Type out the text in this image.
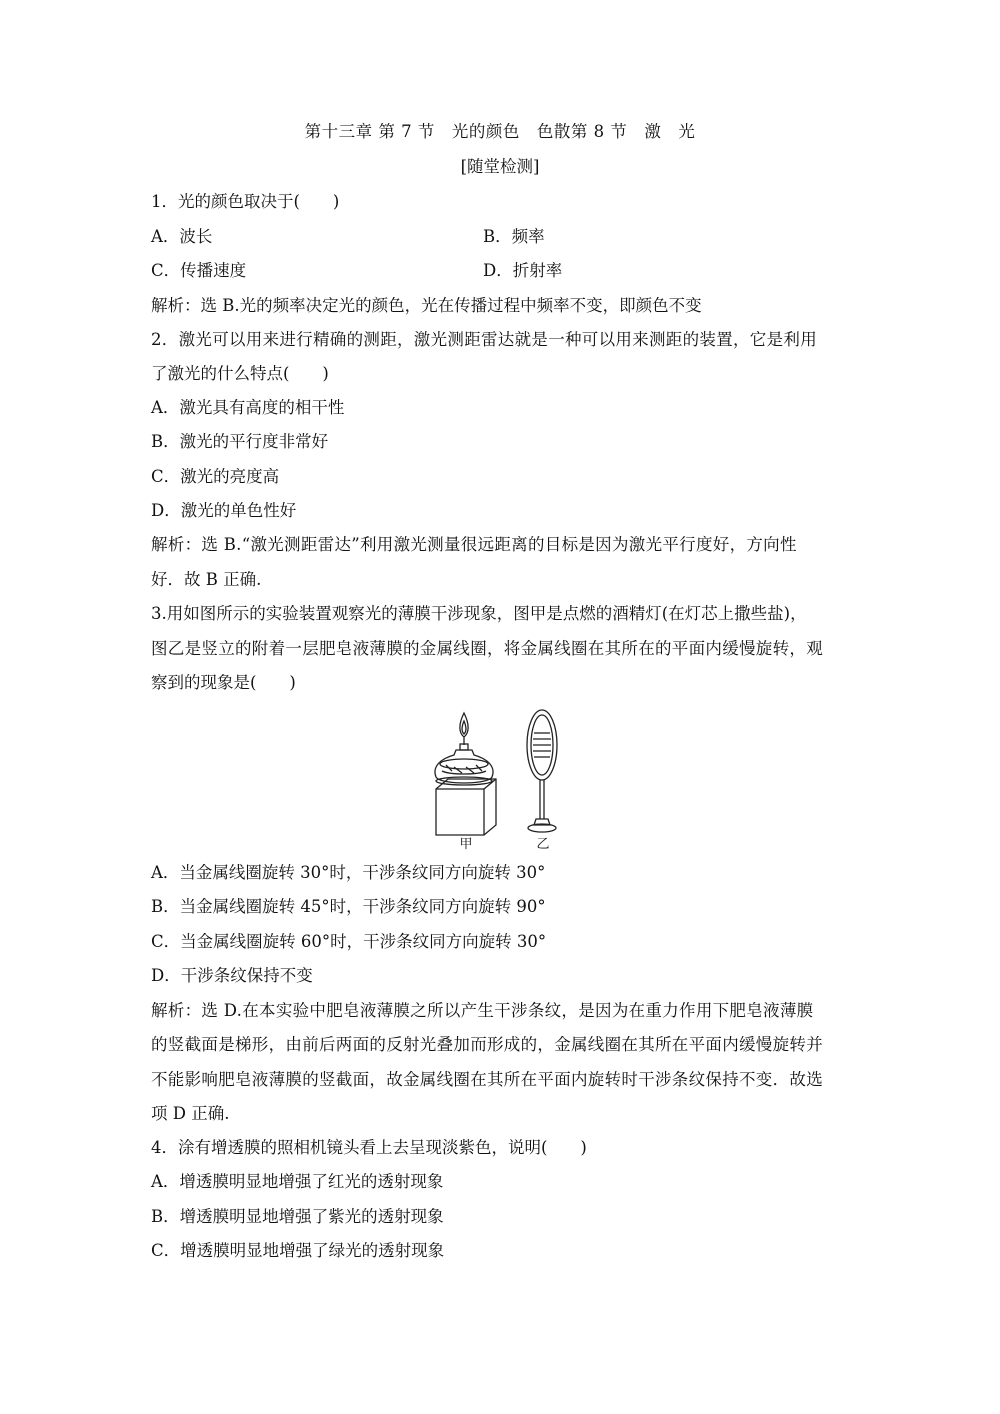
第十三章 第 7 节　光的颜色　色散第 8 节　激　光
[随堂检测]
1．光的颜色取决于(　　)
A．波长	B．频率
C．传播速度	D．折射率
解析：选 B.光的频率决定光的颜色，光在传播过程中频率不变，即颜色不变
2．激光可以用来进行精确的测距，激光测距雷达就是一种可以用来测距的装置，它是利用
了激光的什么特点(　　)
A．激光具有高度的相干性
B．激光的平行度非常好
C．激光的亮度高
D．激光的单色性好
解析：选 B.“激光测距雷达”利用激光测量很远距离的目标是因为激光平行度好，方向性
好．故 B 正确.
3.用如图所示的实验装置观察光的薄膜干涉现象，图甲是点燃的酒精灯(在灯芯上撒些盐)，
图乙是竖立的附着一层肥皂液薄膜的金属线圈，将金属线圈在其所在的平面内缓慢旋转，观
察到的现象是(　　)
甲	乙
A．当金属线圈旋转 30°时，干涉条纹同方向旋转 30°
B．当金属线圈旋转 45°时，干涉条纹同方向旋转 90°
C．当金属线圈旋转 60°时，干涉条纹同方向旋转 30°
D．干涉条纹保持不变
解析：选 D.在本实验中肥皂液薄膜之所以产生干涉条纹，是因为在重力作用下肥皂液薄膜
的竖截面是梯形，由前后两面的反射光叠加而形成的，金属线圈在其所在平面内缓慢旋转并
不能影响肥皂液薄膜的竖截面，故金属线圈在其所在平面内旋转时干涉条纹保持不变．故选
项 D 正确.
4．涂有增透膜的照相机镜头看上去呈现淡紫色，说明(　　)
A．增透膜明显地增强了红光的透射现象
B．增透膜明显地增强了紫光的透射现象
C．增透膜明显地增强了绿光的透射现象
